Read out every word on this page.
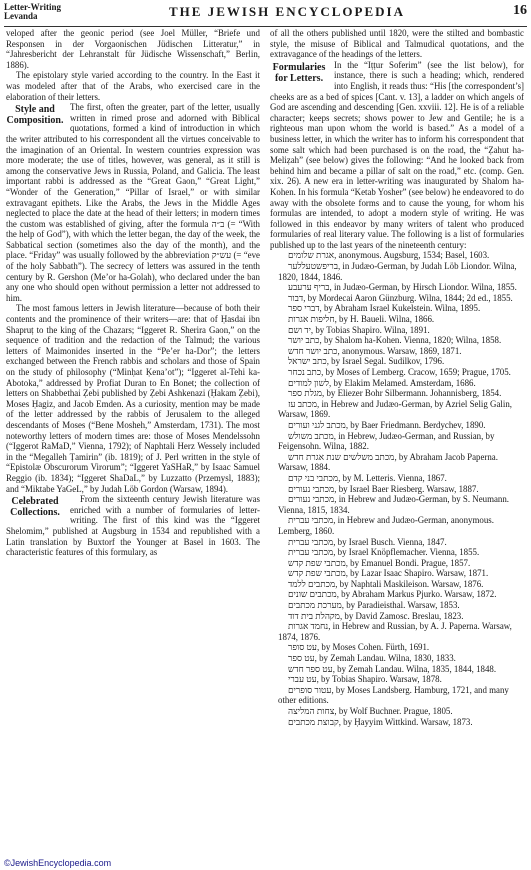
Letter-Writing
Levanda	THE JEWISH ENCYCLOPEDIA	16

veloped after the geonic period (see Joel Müller, “Briefe und Responsen in der Vorgaonischen Jüdischen Litteratur,” in “Jahresbericht der Lehranstalt für Jüdische Wissenschaft,” Berlin, 1886).

The epistolary style varied according to the country. In the East it was modeled after that of the Arabs, who exercised care in the elaboration of their letters.

Style and Composition.

The first, often the greater, part of the letter, usually written in rimed prose and adorned with Biblical quotations, formed a kind of introduction in which the writer attributed to his correspondent all the virtues conceivable to the imagination of an Oriental. In western countries expression was more moderate; the use of titles, however, was general, as it still is among the conservative Jews in Russia, Poland, and Galicia. The least important rabbi is addressed as the “Great Gaon,” “Great Light,” “Wonder of the Generation,” “Pillar of Israel,” or with similar extravagant epithets. Like the Arabs, the Jews in the Middle Ages neglected to place the date at the head of their letters; in modern times the custom was established of giving, after the formula ב״ה (= “With the help of God”), with which the letter began, the day of the week, the Sabbatical section (sometimes also the day of the month), and the place. “Friday” was usually followed by the abbreviation עש״ק (= “eve of the holy Sabbath”). The secrecy of letters was assured in the tenth century by R. Gershon (Me’or ha-Golah), who declared under the ban any one who should open without permission a letter not addressed to him.

The most famous letters in Jewish literature—because of both their contents and the prominence of their writers—are: that of Ḥasdai ibn Shapruṭ to the king of the Chazars; “Iggeret R. Sherira Gaon,” on the sequence of tradition and the redaction of the Talmud; the various letters of Maimonides inserted in the “Pe’er ha-Dor”; the letters exchanged between the French rabbis and scholars and those of Spain on the study of philosophy (“Minḥat Ḳena’ot”); “Iggeret al-Tehi ka-Abotoka,” addressed by Profiat Duran to En Bonet; the collection of letters on Shabbethai Ẓebi published by Ẓebi Ashkenazi (Ḥakam Ẓebi), Moses Ḥagiz, and Jacob Emden. As a curiosity, mention may be made of the letter addressed by the rabbis of Jerusalem to the alleged descendants of Moses (“Bene Mosheh,” Amsterdam, 1731). The most noteworthy letters of modern times are: those of Moses Mendelssohn (“Iggerot RaMaD,” Vienna, 1792); of Naphtali Herz Wessely included in the “Megalleh Ṭamirin” (ib. 1819); of J. Perl written in the style of “Epistolæ Obscurorum Virorum”; “Iggeret YaSHaR,” by Isaac Samuel Reggio (ib. 1834); “Iggeret ShaDaL,” by Luzzatto (Przemysl, 1883); and “Miktabe YaGeL,” by Judah Löb Gordon (Warsaw, 1894).

Celebrated Collections.

From the sixteenth century Jewish literature was enriched with a number of formularies of letter-writing. The first of this kind was the “Iggeret Shelomim,” published at Augsburg in 1534 and republished with a Latin translation by Buxtorf the Younger at Basel in 1603. The characteristic features of this formulary, as

of all the others published until 1820, were the stilted and bombastic style, the misuse of Biblical and Talmudical quotations, and the extravagance of the headings of the letters.

Formularies for Letters.

In the “Iṭṭur Soferim” (see the list below), for instance, there is such a heading; which, rendered into English, it reads thus: “His [the correspondent’s] cheeks are as a bed of spices [Cant. v. 13], a ladder on which angels of God are ascending and descending [Gen. xxviii. 12]. He is of a reliable character; keeps secrets; shows power to Jew and Gentile; he is a righteous man upon whom the world is based.” As a model of a business letter, in which the writer has to inform his correspondent that some salt which had been purchased is on the road, the “Ẓahut ha-Meliẓah” (see below) gives the following: “And he looked back from behind him and became a pillar of salt on the road,” etc. (comp. Gen. xix. 26). A new era in letter-writing was inaugurated by Shalom ha-Kohen. In his formula “Ketab Yosher” (see below) he endeavored to do away with the obsolete forms and to cause the young, for whom his formulas are intended, to adopt a modern style of writing. He was followed in this endeavor by many writers of talent who produced formularies of real literary value. The following is a list of formularies published up to the last years of the nineteenth century:

אגרת שלומים, anonymous. Augsburg, 1534; Basel, 1603.

בריפשטעללער, in Judæo-German, by Judah Löb Liondor. Wilna, 1820, 1844, 1846.

בריף ערעבע, in Judæo-German, by Hirsch Liondor. Wilna, 1855.

דבור, by Mordecai Aaron Günzburg. Wilna, 1844; 2d ed., 1855.

דברי ספר, by Abraham Israel Kukelstein. Wilna, 1895.

חליפות אגרות, by H. Baueli. Wilna, 1866.

יד ושם, by Tobias Shapiro. Wilna, 1891.

כתב יושר, by Shalom ha-Kohen. Vienna, 1820; Wilna, 1858.

כתב יושר חדש, anonymous. Warsaw, 1869, 1871.

כתב ישראל, by Israel Segal. Sudilkov, 1796.

כתב נכחר, by Moses of Lemberg. Cracow, 1659; Prague, 1705.

לשון למודים, by Elakim Melamed. Amsterdam, 1686.

מגלת ספר, by Eliezer Bohr Silbermann. Johannisberg, 1854.

מכתב עז, in Hebrew and Judæo-German, by Azriel Selig Galin, Warsaw, 1869.

מכתב לגני ועורים, by Baer Friedmann. Berdychev, 1890.

מכתב משולש, in Hebrew, Judæo-German, and Russian, by Feigensohn. Wilna, 1882.

מכתב משלשים שנת אגרת חדש, by Abraham Jacob Paperna. Warsaw, 1884.

מכתבי בני קדם, by M. Letteris. Vienna, 1867.

מכתבי נעורים, by Israel Baer Riesberg. Warsaw, 1887.

מכתבי נעורים, in Hebrew and Judæo-German, by S. Neumann. Vienna, 1815, 1834.

מכתבי עברית, in Hebrew and Judæo-German, anonymous. Lemberg, 1860.

מכתבי עברית, by Israel Busch. Vienna, 1847.

מכתבי עברית, by Israel Knöpflemacher. Vienna, 1855.

מכתבי שפת קדש, by Emanuel Bondi. Prague, 1857.

מכתבי שפת קדש, by Lazar Isaac Shapiro. Warsaw, 1871.

מכתבים ללמד, by Naphtali Maskileison. Warsaw, 1876.

מכתבים שונים, by Abraham Markus Pjurko. Warsaw, 1872.

מערכת מכתבים, by Paradieisthal. Warsaw, 1853.

מקהלת בית דוד, by David Zamosc. Breslau, 1823.

נחמד אגרות, in Hebrew and Russian, by A. J. Paperna. Warsaw, 1874, 1876.

עט סופר, by Moses Cohen. Fürth, 1691.

עט ספר, by Zemah Landau. Wilna, 1830, 1833.

עט ספר חדש, by Zemah Landau. Wilna, 1835, 1844, 1848.

עט עברי, by Tobias Shapiro. Warsaw, 1878.

עטור סופרים, by Moses Landsberg. Hamburg, 1721, and many other editions.

צחות המליצה, by Wolf Buchner. Prague, 1805.

קבוצת מכתבים, by Ḥayyim Wittkind. Warsaw, 1873.

©JewishEncyclopedia.com
